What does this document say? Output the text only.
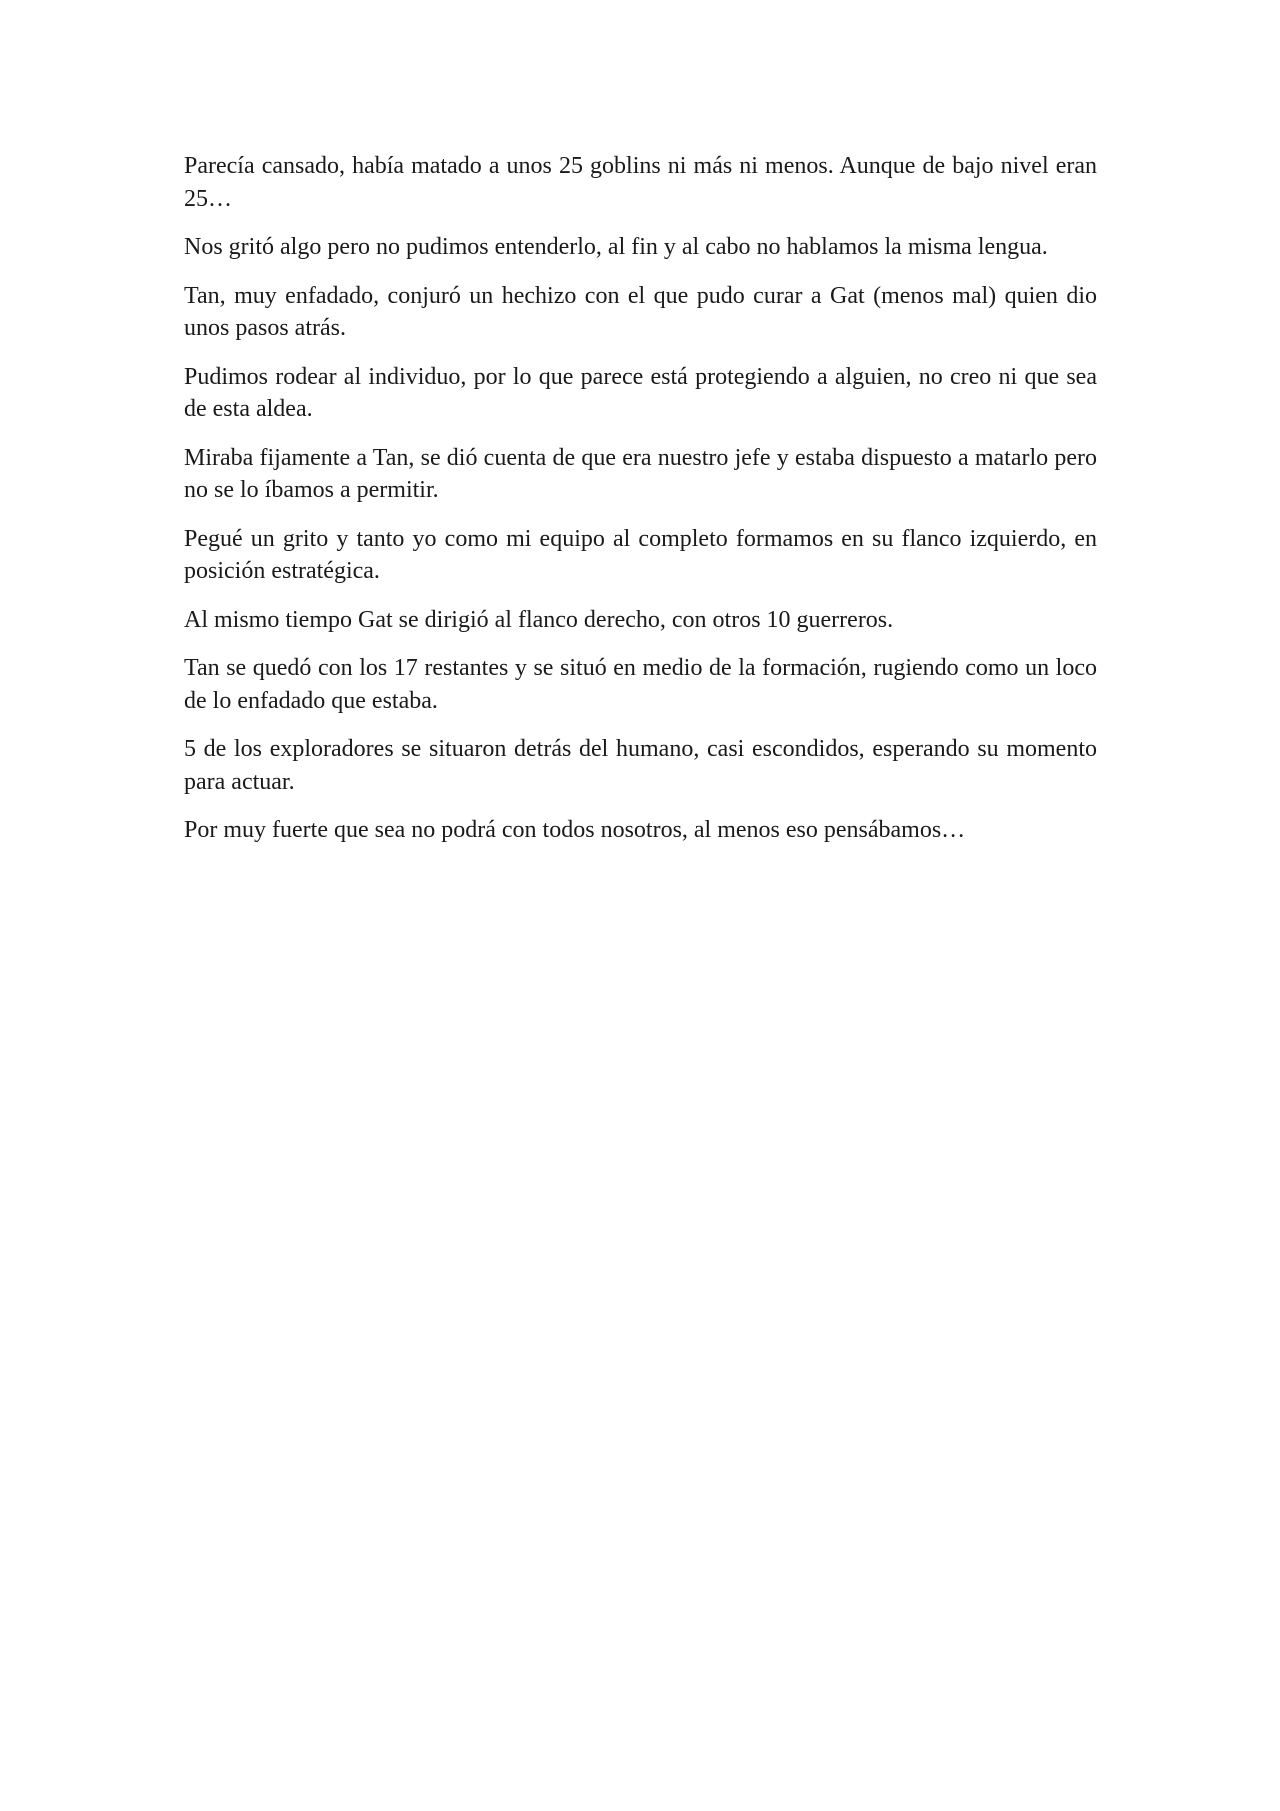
Parecía cansado, había matado a unos 25 goblins ni más ni menos. Aunque de bajo nivel eran 25…

Nos gritó algo pero no pudimos entenderlo, al fin y al cabo no hablamos la misma lengua.

Tan, muy enfadado, conjuró un hechizo con el que pudo curar a Gat (menos mal) quien dio unos pasos atrás.

Pudimos rodear al individuo, por lo que parece está protegiendo a alguien, no creo ni que sea de esta aldea.

Miraba fijamente a Tan, se dió cuenta de que era nuestro jefe y estaba dispuesto a matarlo pero no se lo íbamos a permitir.

Pegué un grito y tanto yo como mi equipo al completo formamos en su flanco izquierdo, en posición estratégica.

Al mismo tiempo Gat se dirigió al flanco derecho, con otros 10 guerreros.

Tan se quedó con los 17 restantes y se situó en medio de la formación, rugiendo como un loco de lo enfadado que estaba.

5 de los exploradores se situaron detrás del humano, casi escondidos, esperando su momento para actuar.

Por muy fuerte que sea no podrá con todos nosotros, al menos eso pensábamos…
